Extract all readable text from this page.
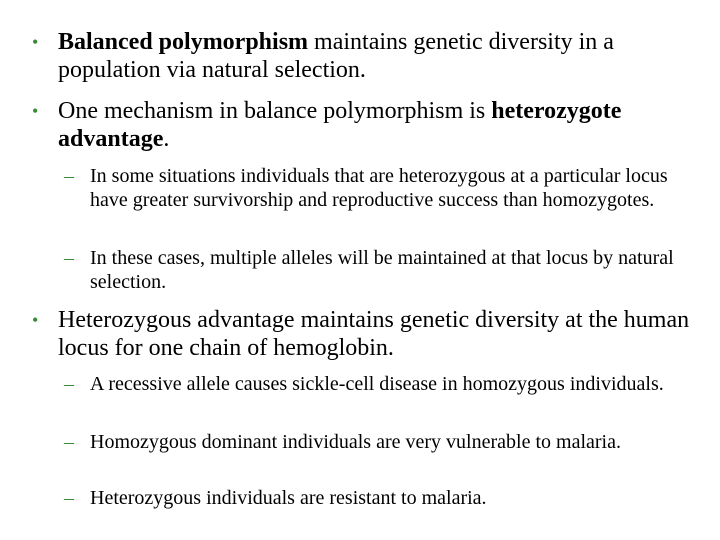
• Balanced polymorphism maintains genetic diversity in a population via natural selection.
• One mechanism in balance polymorphism is heterozygote advantage.
– In some situations individuals that are heterozygous at a particular locus have greater survivorship and reproductive success than homozygotes.
– In these cases, multiple alleles will be maintained at that locus by natural selection.
• Heterozygous advantage maintains genetic diversity at the human locus for one chain of hemoglobin.
– A recessive allele causes sickle-cell disease in homozygous individuals.
– Homozygous dominant individuals are very vulnerable to malaria.
– Heterozygous individuals are resistant to malaria.
